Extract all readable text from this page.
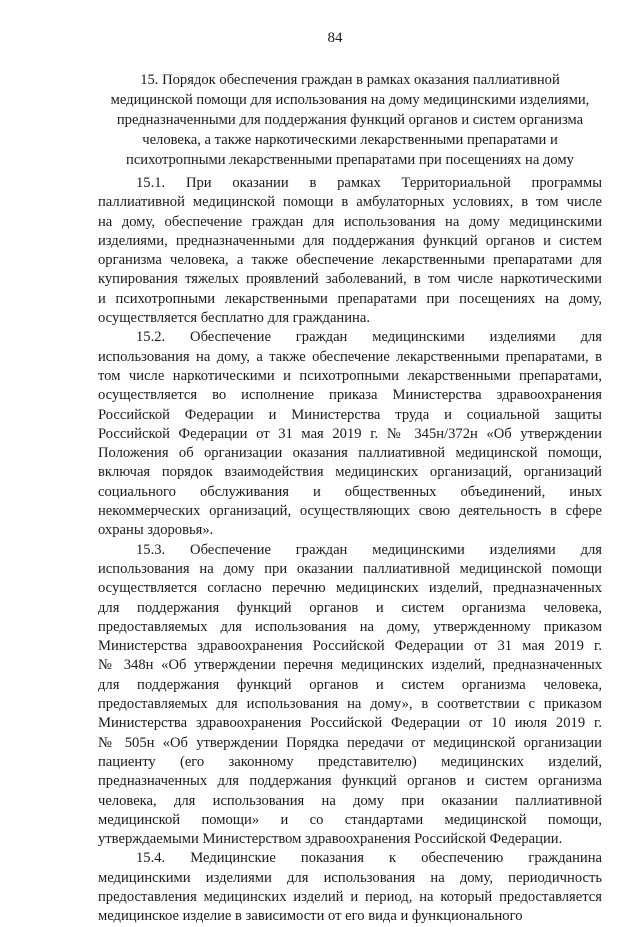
84
15. Порядок обеспечения граждан в рамках оказания паллиативной
медицинской помощи для использования на дому медицинскими изделиями,
предназначенными для поддержания функций органов и систем организма
человека, а также наркотическими лекарственными препаратами и
психотропными лекарственными препаратами при посещениях на дому
15.1. При оказании в рамках Территориальной программы
паллиативной медицинской помощи в амбулаторных условиях, в том числе
на дому, обеспечение граждан для использования на дому медицинскими
изделиями, предназначенными для поддержания функций органов и систем
организма человека, а также обеспечение лекарственными препаратами для
купирования тяжелых проявлений заболеваний, в том числе наркотическими
и психотропными лекарственными препаратами при посещениях на дому,
осуществляется бесплатно для гражданина.
15.2. Обеспечение граждан медицинскими изделиями для
использования на дому, а также обеспечение лекарственными препаратами, в
том числе наркотическими и психотропными лекарственными препаратами,
осуществляется во исполнение приказа Министерства здравоохранения
Российской Федерации и Министерства труда и социальной защиты
Российской Федерации от 31 мая 2019 г. № 345н/372н «Об утверждении
Положения об организации оказания паллиативной медицинской помощи,
включая порядок взаимодействия медицинских организаций, организаций
социального обслуживания и общественных объединений, иных
некоммерческих организаций, осуществляющих свою деятельность в сфере
охраны здоровья».
15.3. Обеспечение граждан медицинскими изделиями для
использования на дому при оказании паллиативной медицинской помощи
осуществляется согласно перечню медицинских изделий, предназначенных
для поддержания функций органов и систем организма человека,
предоставляемых для использования на дому, утвержденному приказом
Министерства здравоохранения Российской Федерации от 31 мая 2019 г.
№ 348н «Об утверждении перечня медицинских изделий, предназначенных
для поддержания функций органов и систем организма человека,
предоставляемых для использования на дому», в соответствии с приказом
Министерства здравоохранения Российской Федерации от 10 июля 2019 г.
№ 505н «Об утверждении Порядка передачи от медицинской организации
пациенту (его законному представителю) медицинских изделий,
предназначенных для поддержания функций органов и систем организма
человека, для использования на дому при оказании паллиативной
медицинской помощи» и со стандартами медицинской помощи,
утверждаемыми Министерством здравоохранения Российской Федерации.
15.4. Медицинские показания к обеспечению гражданина
медицинскими изделиями для использования на дому, периодичность
предоставления медицинских изделий и период, на который предоставляется
медицинское изделие в зависимости от его вида и функционального
